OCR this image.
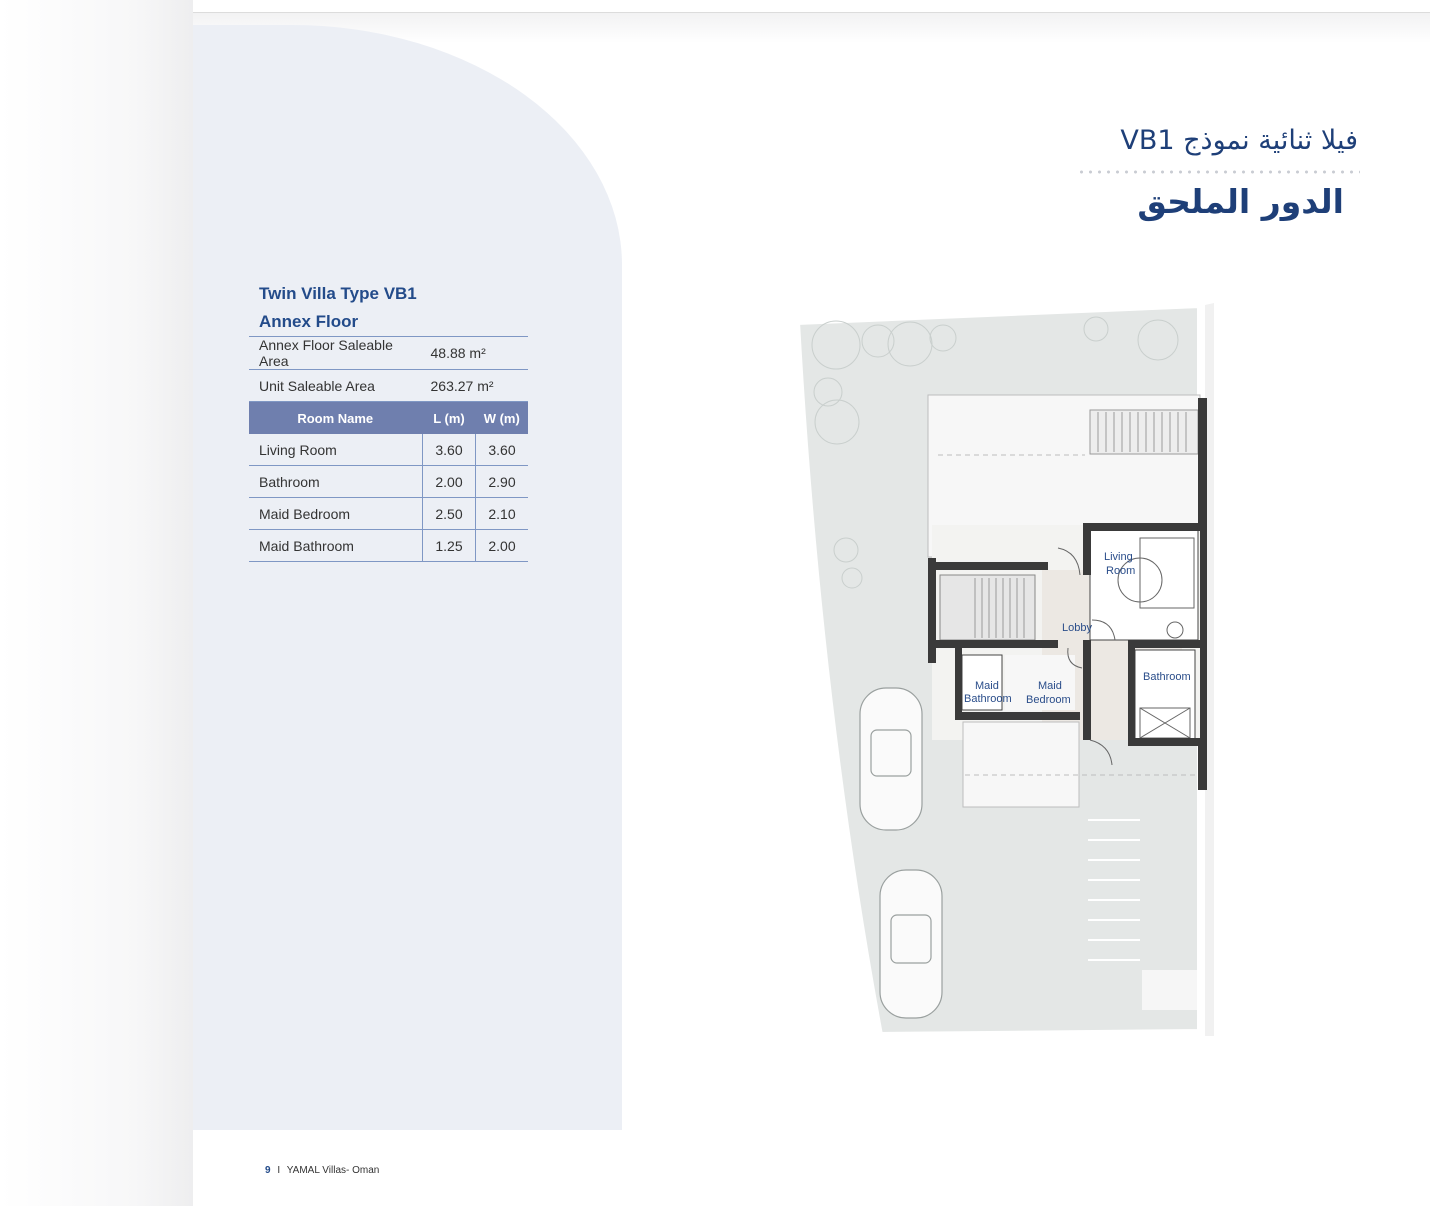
فيلا ثنائية نموذج VB1
الدور الملحق
Twin Villa Type VB1
Annex Floor
Annex Floor Saleable Area	48.88 m²	
Unit Saleable Area	263.27 m²	
Room Name	L (m)	W (m)
Living Room	3.60	3.60
Bathroom	2.00	2.90
Maid Bedroom	2.50	2.10
Maid Bathroom	1.25	2.00
Living
Room
Lobby
Maid
Bathroom
Maid
Bedroom
Bathroom
9 I YAMAL Villas- Oman
